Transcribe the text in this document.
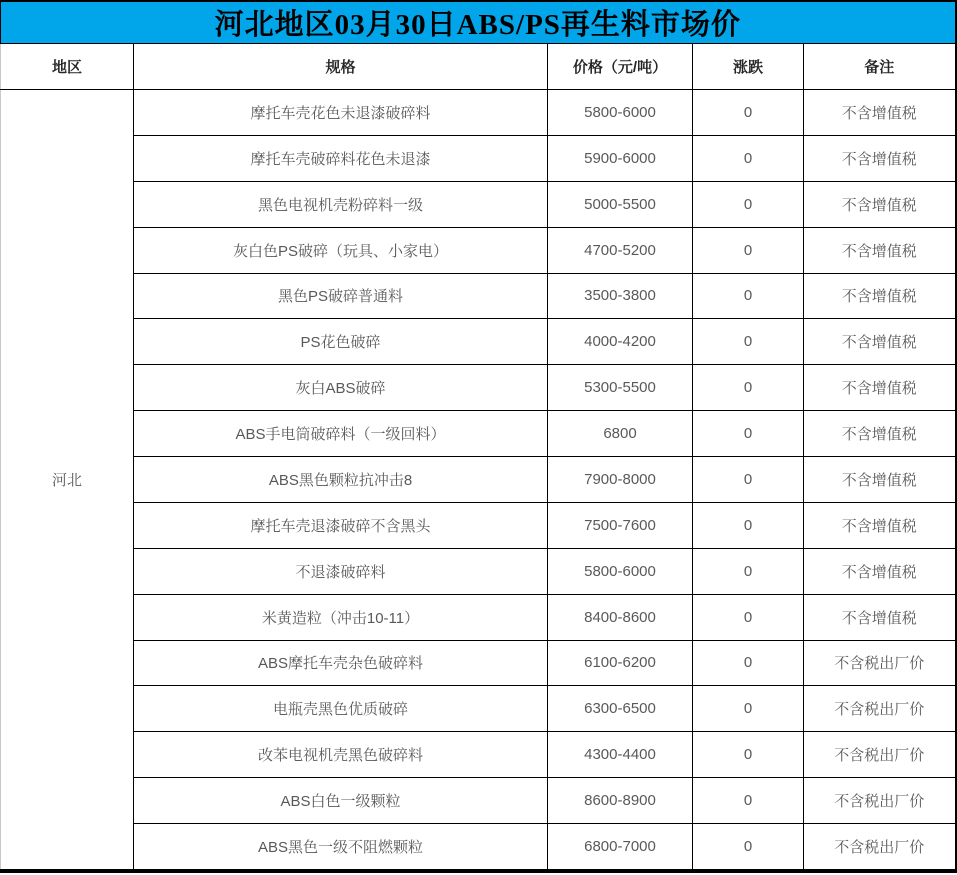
河北地区03月30日ABS/PS再生料市场价				
地区	规格	价格（元/吨）	涨跌	备注
河北	摩托车壳花色未退漆破碎料	5800-6000	0	不含增值税
	摩托车壳破碎料花色未退漆	5900-6000	0	不含增值税
	黑色电视机壳粉碎料一级	5000-5500	0	不含增值税
	灰白色PS破碎（玩具、小家电）	4700-5200	0	不含增值税
	黑色PS破碎普通料	3500-3800	0	不含增值税
	PS花色破碎	4000-4200	0	不含增值税
	灰白ABS破碎	5300-5500	0	不含增值税
	ABS手电筒破碎料（一级回料）	6800	0	不含增值税
	ABS黑色颗粒抗冲击8	7900-8000	0	不含增值税
	摩托车壳退漆破碎不含黑头	7500-7600	0	不含增值税
	不退漆破碎料	5800-6000	0	不含增值税
	米黄造粒（冲击10-11）	8400-8600	0	不含增值税
	ABS摩托车壳杂色破碎料	6100-6200	0	不含税出厂价
	电瓶壳黑色优质破碎	6300-6500	0	不含税出厂价
	改苯电视机壳黑色破碎料	4300-4400	0	不含税出厂价
	ABS白色一级颗粒	8600-8900	0	不含税出厂价
	ABS黑色一级不阻燃颗粒	6800-7000	0	不含税出厂价
